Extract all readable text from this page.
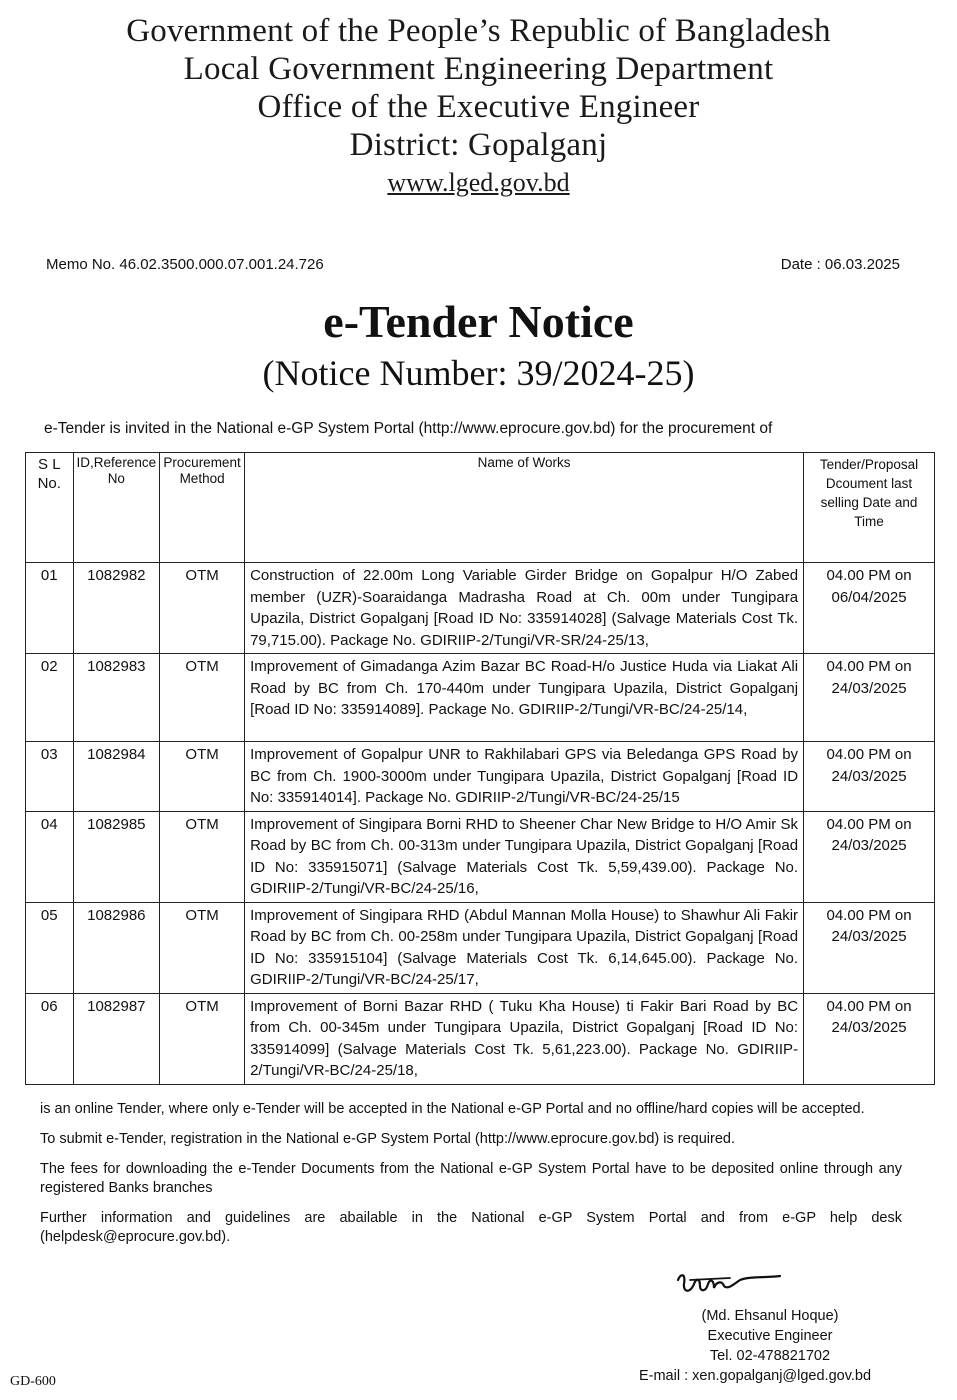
Government of the People’s Republic of Bangladesh
Local Government Engineering Department
Office of the Executive Engineer
District: Gopalganj
www.lged.gov.bd
Memo No. 46.02.3500.000.07.001.24.726	Date : 06.03.2025
e-Tender Notice
(Notice Number: 39/2024-25)
e-Tender is invited in the National e-GP System Portal (http://www.eprocure.gov.bd) for the procurement of
S L No.	ID,Reference No	Procurement Method	Name of Works	Tender/Proposal Dcoument last selling Date and Time
01	1082982	OTM	Construction of 22.00m Long Variable Girder Bridge on Gopalpur H/O Zabed member (UZR)-Soaraidanga Madrasha Road at Ch. 00m under Tungipara Upazila, District Gopalganj [Road ID No: 335914028] (Salvage Materials Cost Tk. 79,715.00). Package No. GDIRIIP-2/Tungi/VR-SR/24-25/13,	04.00 PM on
06/04/2025

02	1082983	OTM	Improvement of Gimadanga Azim Bazar BC Road-H/o Justice Huda via Liakat Ali Road by BC from Ch. 170-440m under Tungipara Upazila, District Gopalganj [Road ID No: 335914089]. Package No. GDIRIIP-2/Tungi/VR-BC/24-25/14,	04.00 PM on
24/03/2025

03	1082984	OTM	Improvement of Gopalpur UNR to Rakhilabari GPS via Beledanga GPS Road by BC from Ch. 1900-3000m under Tungipara Upazila, District Gopalganj [Road ID No: 335914014]. Package No. GDIRIIP-2/Tungi/VR-BC/24-25/15	04.00 PM on
24/03/2025

04	1082985	OTM	Improvement of Singipara Borni RHD to Sheener Char New Bridge to H/O Amir Sk Road by BC from Ch. 00-313m under Tungipara Upazila, District Gopalganj [Road ID No: 335915071] (Salvage Materials Cost Tk. 5,59,439.00). Package No. GDIRIIP-2/Tungi/VR-BC/24-25/16,	04.00 PM on
24/03/2025

05	1082986	OTM	Improvement of Singipara RHD (Abdul Mannan Molla House) to Shawhur Ali Fakir Road by BC from Ch. 00-258m under Tungipara Upazila, District Gopalganj [Road ID No: 335915104] (Salvage Materials Cost Tk. 6,14,645.00). Package No. GDIRIIP-2/Tungi/VR-BC/24-25/17,	04.00 PM on
24/03/2025

06	1082987	OTM	Improvement of Borni Bazar RHD ( Tuku Kha House) ti Fakir Bari Road by BC from Ch. 00-345m under Tungipara Upazila, District Gopalganj [Road ID No: 335914099] (Salvage Materials Cost Tk. 5,61,223.00). Package No. GDIRIIP-2/Tungi/VR-BC/24-25/18,	04.00 PM on
24/03/2025

is an online Tender, where only e-Tender will be accepted in the National e-GP Portal and no offline/hard copies will be accepted.

To submit e-Tender, registration in the National e-GP System Portal (http://www.eprocure.gov.bd) is required.

The fees for downloading the e-Tender Documents from the National e-GP System Portal have to be deposited online through any registered Banks branches

Further information and guidelines are abailable in the National e-GP System Portal and from e-GP help desk (helpdesk@eprocure.gov.bd).

(Md. Ehsanul Hoque)
Executive Engineer
Tel. 02-478821702
E-mail : xen.gopalganj@lged.gov.bd
GD-600
